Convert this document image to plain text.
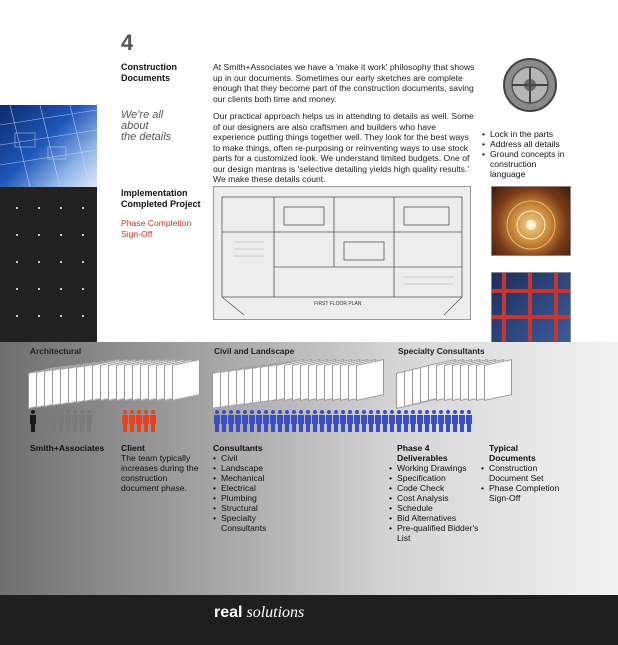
4
Construction
Documents
At Smith+Associates we have a 'make it work' philosophy that shows up in our documents. Sometimes our early sketches are complete enough that they become part of the construction documents, saving our clients both time and money.
We're all
about
the details
Our practical approach helps us in attending to details as well. Some of our designers are also craftsmen and builders who have experience putting things together well. They look for the best ways to make things, often re-purposing or reinventing ways to use stock parts for a customized look. We understand limited budgets. One of our design mantras is 'selective detailing yields high quality results.' We make these details count.
• Lock in the parts
• Address all details
• Ground concepts in construction language
Implementation
Completed Project
Phase Completion
Sign-Off
FIRST FLOOR PLAN
Architectural	Civil and Landscape	Specialty Consultants
Smith+Associates Client
The team typically increases during the construction document phase.
Consultants
• Civil
• Landscape
• Mechanical
• Electrical
• Plumbing
• Structural
• Specialty Consultants
Phase 4
Deliverables
• Working Drawings
• Specification
• Code Check
• Cost Analysis
• Schedule
• Bid Alternatives
• Pre-qualified Bidder's List
Typical
Documents
• Construction Document Set
• Phase Completion Sign-Off
real solutions
